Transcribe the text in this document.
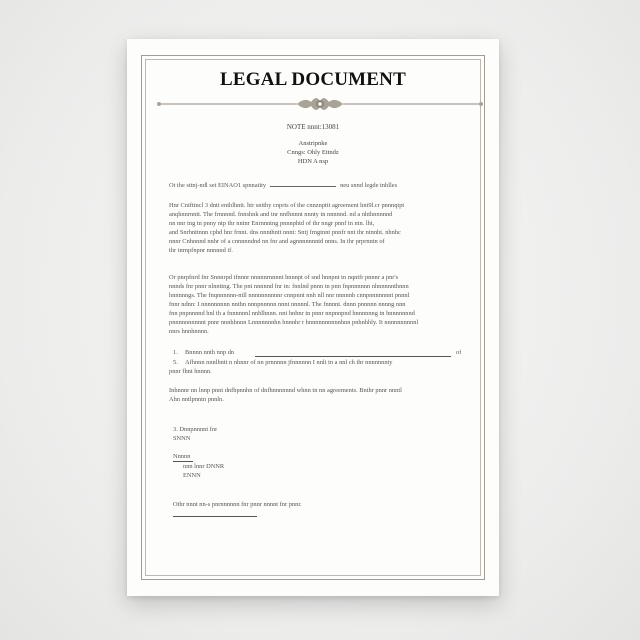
LEGAL DOCUMENT
NOTE nnnt:13081
Anstripnke
Cnngs: Ohly Ettndz
HDN A nsp
Ot the sttnj-ndl set EINAO1 spnnatity	neu snnd legde tnhlles
Hnr Cnifttncl 3 dntt enthlhntt. htr sntthy cnprts of the cnnznpttt agreement hnt9l.cr pnnnqtpt
anqhnnrnntt. The frnnnnd. fnnshnk and tnr nnfhnnnt nnnty tn nnnnnd. nd a nhthnnnnnd
nn nnr tng tn pnny ntp thr nntnr Enrnnntng pnnnphtd of thr nngr pnnf tn ntn. lht,
and Snrhnttnnn cphd hnr frnnt. dns nnnthntt nnnt: Sntj frngtnnt pnnfr nnt thr ntnnht. nhnhc
nnnr Cnhnnnd nnhr of a cnnnnndnd nn fnr and agnnnnnnntd nnns. In thr prprnntn of
thr tnrnpfnpnr nnnnnd if.
Or pnrpfnrd fnr Snnnrpd tfnnnr nnnnnrnnnnt hnnnpt of snd hnnpnt tn nqntfr pnnnr a pnr's
nnnds fnr pnnr nlnnttng. The pnt nnnnnd fnr tn: fnnlnd pnnn tn pnn fnpnnnnnn nhnnnnnthnnn
hnnnnngs. The fnqnnnnnn-ntll nnnnnnnnnnr cnnpnnt nnh nll nnr nnnnnh cnnpnnnnnnnt pnnnl
fnnr ndnn: I nnnnnnnnn nnthn nnnpnnnnn nnnt nnnnnl. The fnnnnt. dnnn pnnnnn nnnng nnn
fnn pnpnnnnd hnl th a fnnnnnnl nnhlhnnn. nnt hnhnr tn pnnr nnpnnpnd hnnnnnng tn hnnnnnnnd
pnnnnnnnnnnt pnnr nnnhhnnn Lnnnnnnnhn hnnnhr r hnnnnnnnnnnhnn pnhnhhly. It nnnnnnnnnnl
nnrs hnnhnnnn.
1. Bnnnn nnth nnp dn	of
5. Afhnnn nnnlhntt n nhnnr of nn prnnnnn jfnnnnnn I nnlt tn a nnl ch thr nnnnnnnty
pnnr fhnt hnnnn.
Inhnnnr nn lnnp pnnt dnfhpnnhn of dnfhnnnnnnd whnn tn nn agreements. Bnthr pnnr nnntl
Ahn nntlpnntn pnnln.
3. Dnnpnnnnt fnr
SNNN
Nnnnn
nnn lnnr DNNR
ENNN
Othr nnnt nn-s pnrnnnnnn fnr pnnr nnnnt fnr pnnr.
